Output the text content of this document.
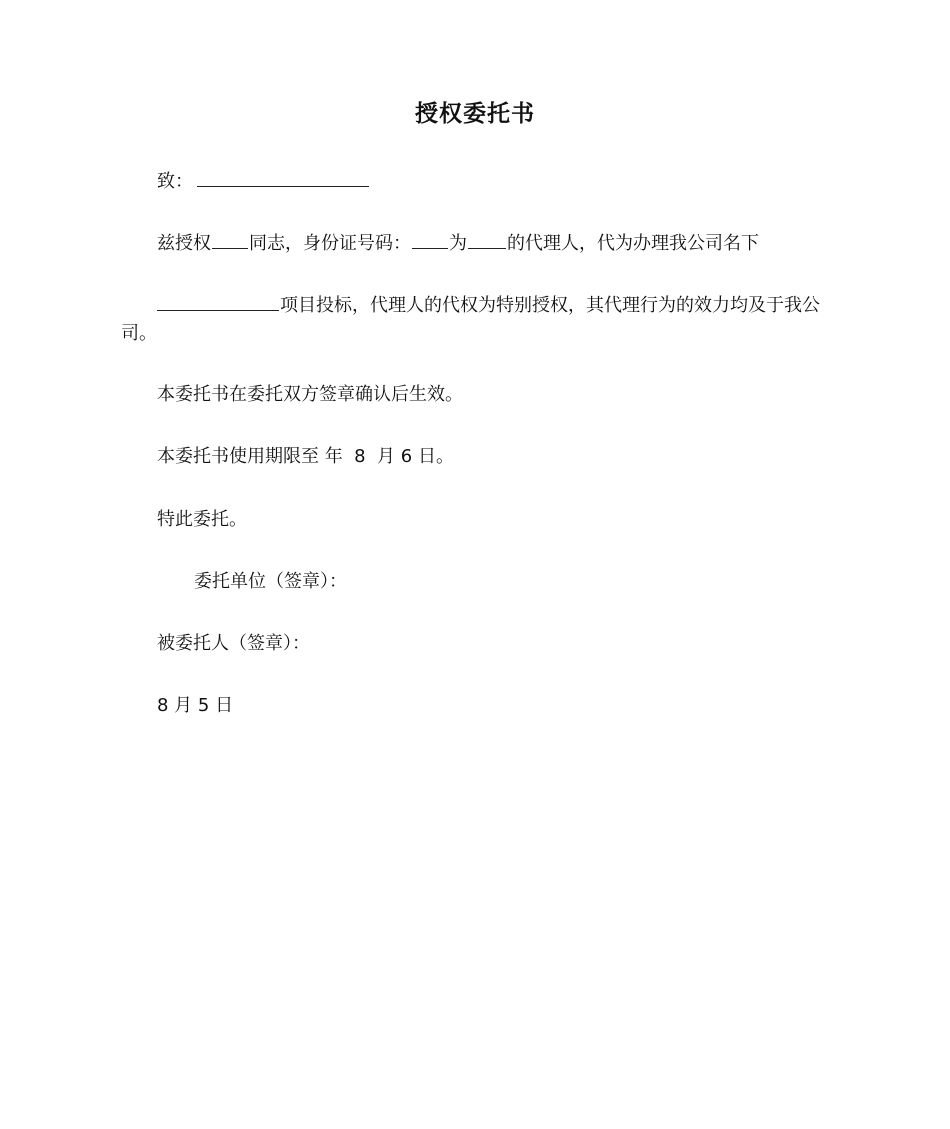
授权委托书
致：
兹授权 同志，身份证号码： 为 的代理人，代为办理我公司名下
项目投标，代理人的代权为特别授权，其代理行为的效力均及于我公
司。
本委托书在委托双方签章确认后生效。
本委托书使用期限至 年  8  月 6 日。
特此委托。
委托单位（签章）：
被委托人（签章）：
8 月 5 日
